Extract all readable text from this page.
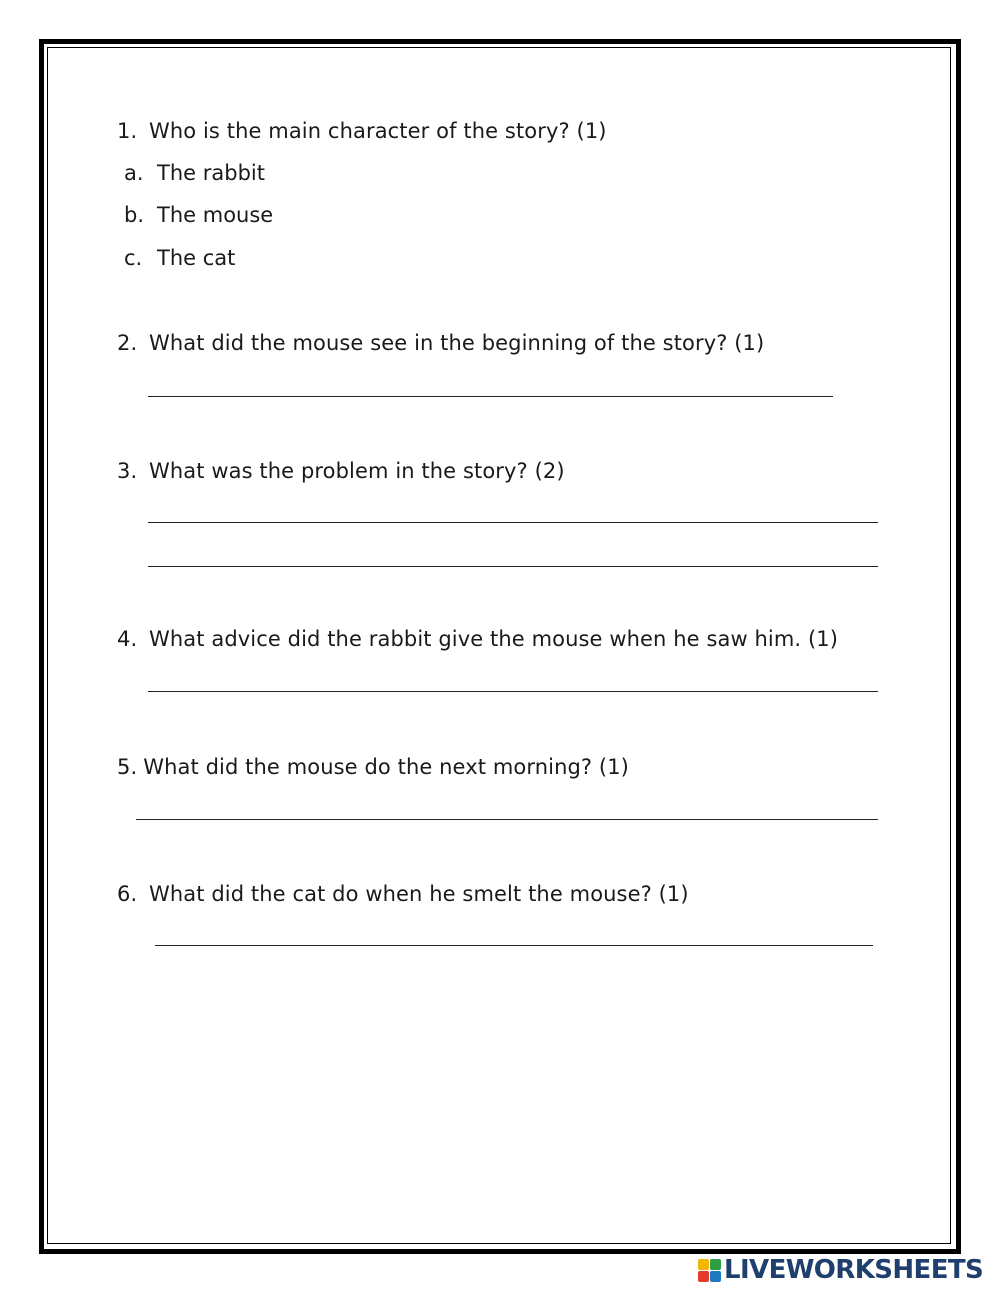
1. Who is the main character of the story? (1)
a. The rabbit
b. The mouse
c. The cat
2. What did the mouse see in the beginning of the story? (1)
3. What was the problem in the story? (2)
4. What advice did the rabbit give the mouse when he saw him. (1)
5. What did the mouse do the next morning? (1)
6. What did the cat do when he smelt the mouse? (1)
LIVEWORKSHEETS
